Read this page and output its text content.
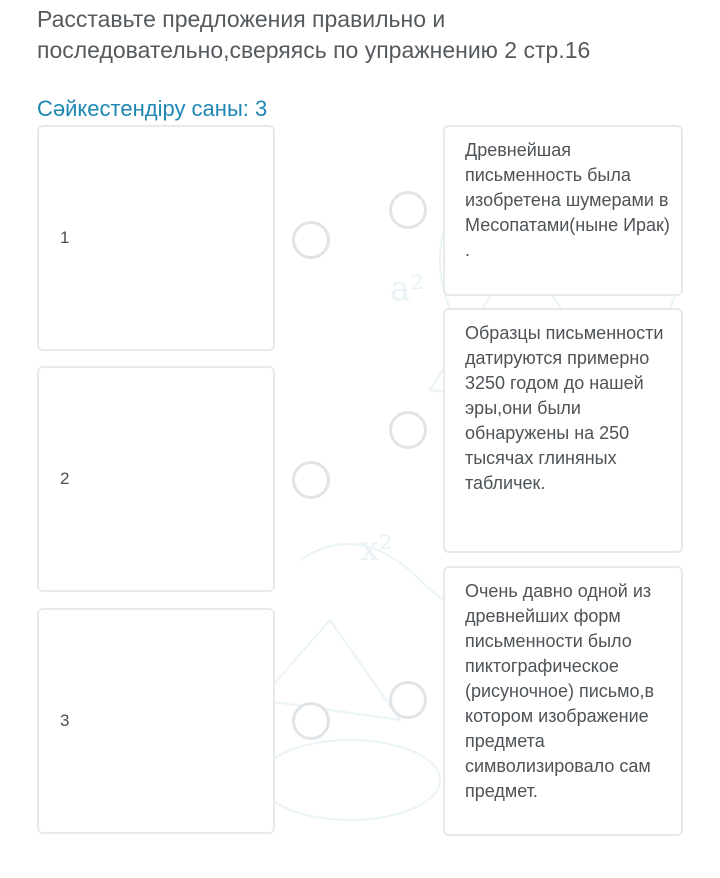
a²
x²

Расставьте предложения правильно и последовательно,сверяясь по упражнению 2 стр.16

Сәйкестендіру саны: 3
1
2
3

Древнейшая письменность была изобретена шумерами в Месопатами(ныне Ирак) .

Образцы письменности датируются примерно 3250 годом до нашей эры,они были обнаружены на 250 тысячах глиняных табличек.

Очень давно одной из древнейших форм письменности было пиктографическое (рисуночное) письмо,в котором изображение предмета символизировало сам предмет.
